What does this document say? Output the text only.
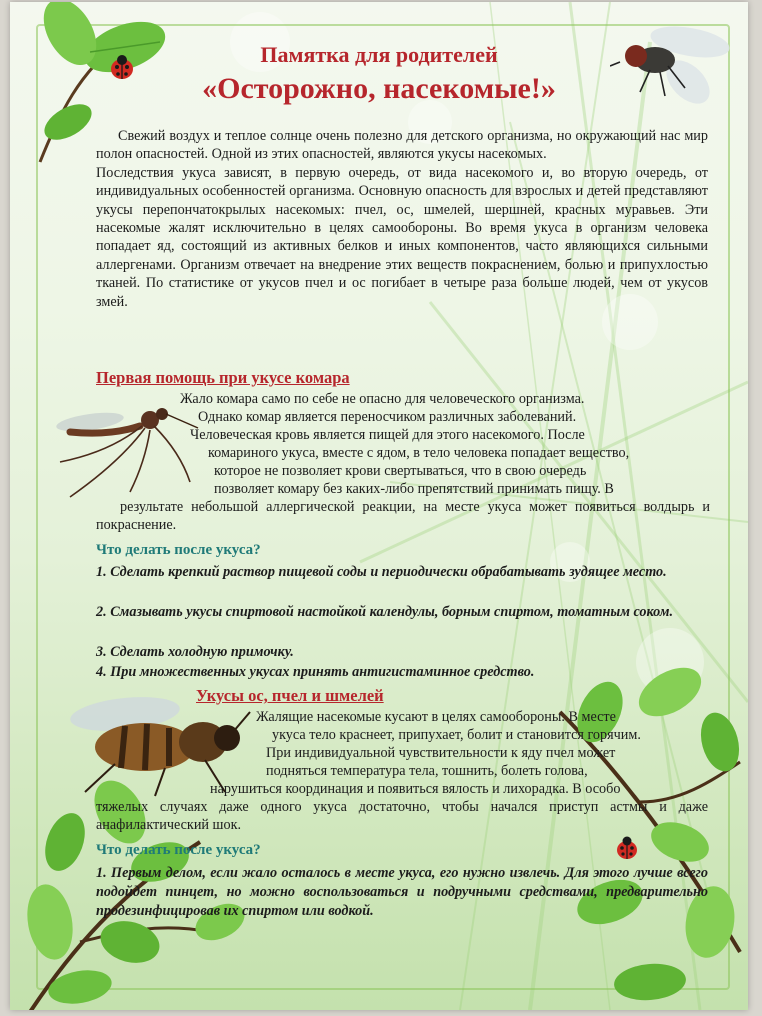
Памятка для родителей
«Осторожно, насекомые!»

Свежий воздух и теплое солнце очень полезно для детского организма, но окружающий нас мир полон опасностей. Одной из этих опасностей, являются укусы насекомых.

Последствия укуса зависят, в первую очередь, от вида насекомого и, во вторую очередь, от индивидуальных особенностей организма. Основную опасность для взрослых и детей представляют укусы перепончатокрылых насекомых: пчел, ос, шмелей, шершней, красных муравьев. Эти насекомые жалят исключительно в целях самообороны. Во время укуса в организм человека попадает яд, состоящий из активных белков и иных компонентов, часто являющихся сильными аллергенами. Организм отвечает на внедрение этих веществ покраснением, болью и припухлостью тканей. По статистике от укусов пчел и ос погибает в четыре раза больше людей, чем от укусов змей.

Первая помощь при укусе комара
Жало комара само по себе не опасно для человеческого организма.
Однако комар является переносчиком различных заболеваний.
Человеческая кровь является пищей для этого насекомого. После
комариного укуса, вместе с ядом, в тело человека попадает вещество,
которое не позволяет крови свертываться, что в свою очередь
позволяет комару без каких-либо препятствий принимать пищу. В
результате небольшой аллергической реакции, на месте укуса может появиться волдырь и покраснение.
Что делать после укуса?
1. Сделать крепкий раствор пищевой соды и периодически обрабатывать зудящее место.
2. Смазывать укусы спиртовой настойкой календулы, борным спиртом, томатным соком.
3. Сделать холодную примочку.
4. При множественных укусах принять антигистаминное средство.
Укусы ос, пчел и шмелей
Жалящие насекомые кусают в целях самообороны. В месте
укуса тело краснеет, припухает, болит и становится горячим.
При индивидуальной чувствительности к яду пчел может
подняться температура тела, тошнить, болеть голова,
нарушиться координация и появиться вялость и лихорадка. В особо
тяжелых случаях даже одного укуса достаточно, чтобы начался приступ астмы и даже анафилактический шок.
Что делать после укуса?
1. Первым делом, если жало осталось в месте укуса, его нужно извлечь. Для этого лучше всего подойдет пинцет, но можно воспользоваться и подручными средствами, предварительно продезинфицировав их спиртом или водкой.
